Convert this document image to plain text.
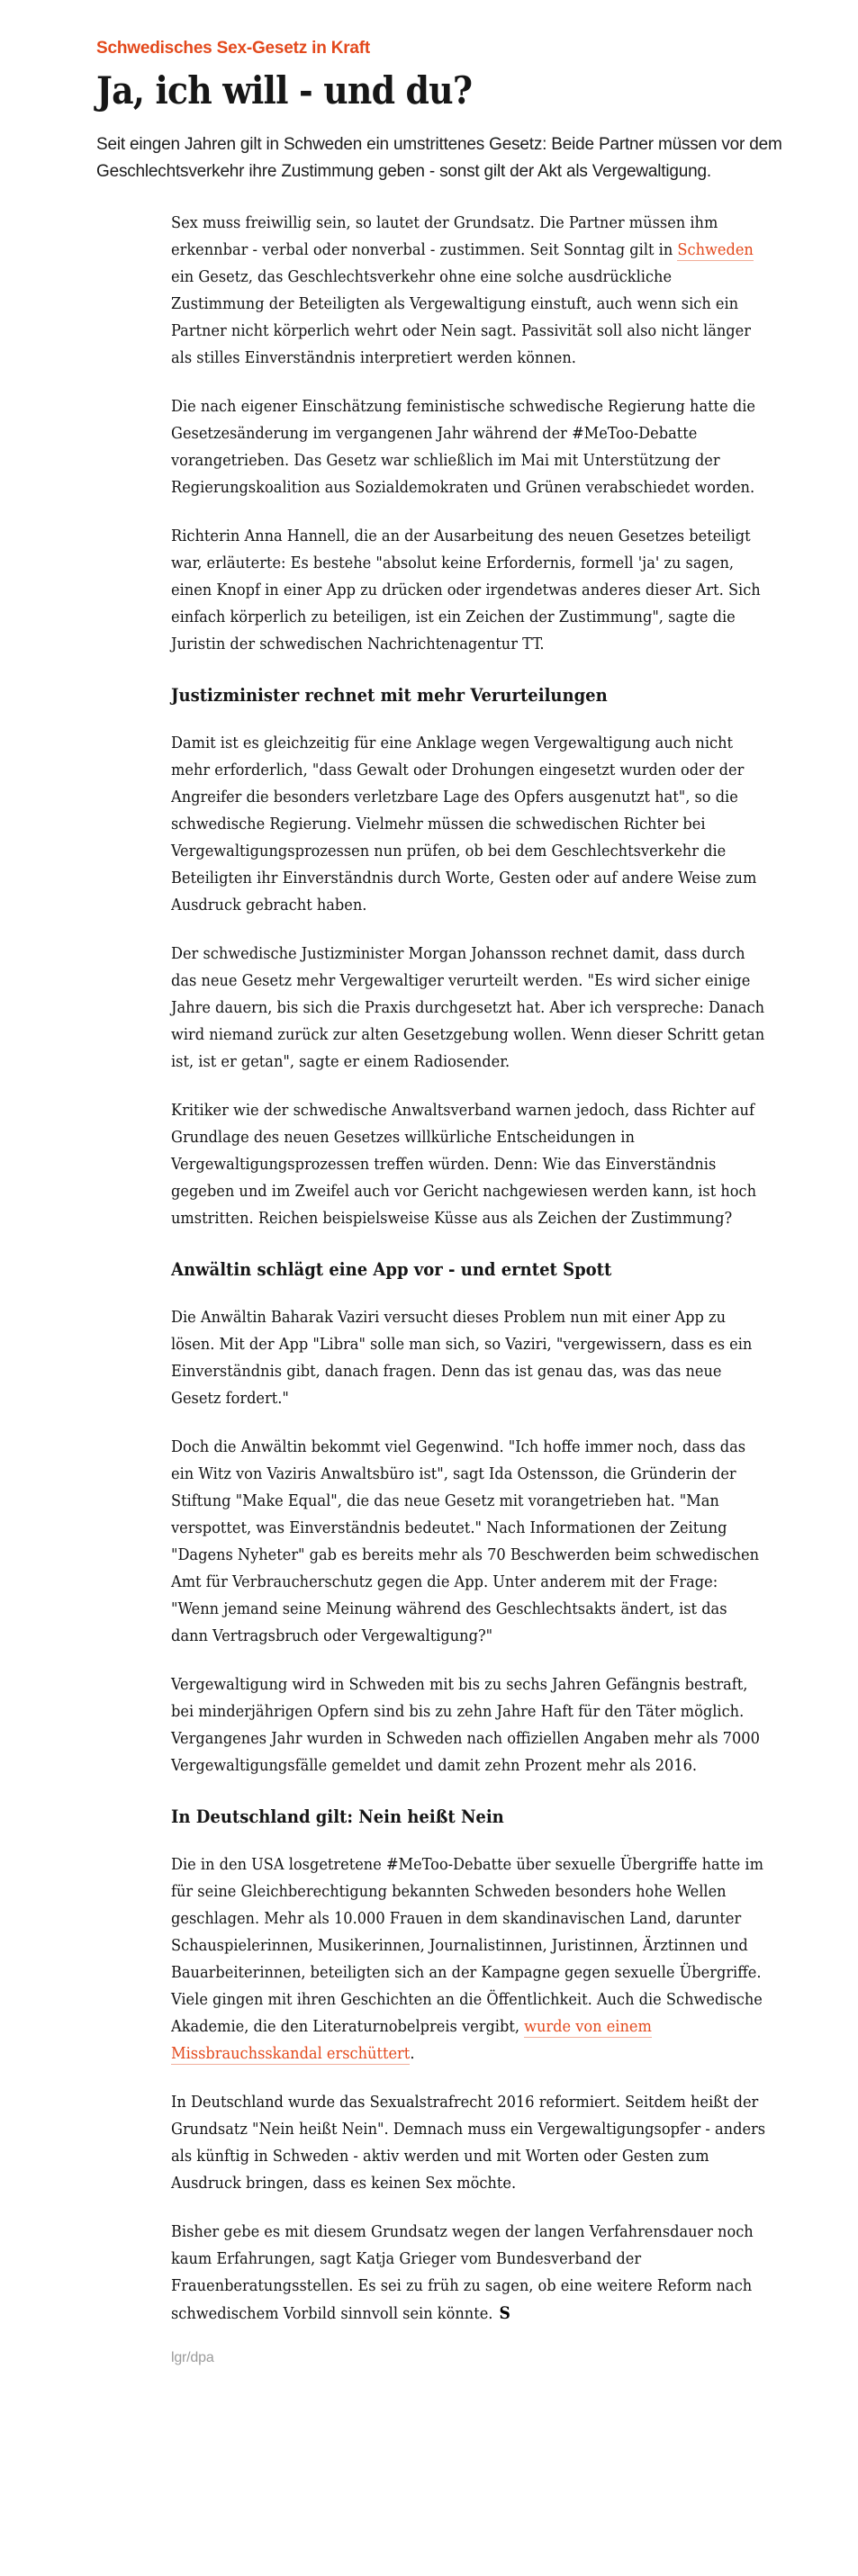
Schwedisches Sex-Gesetz in Kraft

Ja, ich will - und du?

Seit eingen Jahren gilt in Schweden ein umstrittenes Gesetz: Beide Partner müssen vor dem Geschlechtsverkehr ihre Zustimmung geben - sonst gilt der Akt als Vergewaltigung.

Sex muss freiwillig sein, so lautet der Grundsatz. Die Partner müssen ihm erkennbar - verbal oder nonverbal - zustimmen. Seit Sonntag gilt in Schweden ein Gesetz, das Geschlechtsverkehr ohne eine solche ausdrückliche Zustimmung der Beteiligten als Vergewaltigung einstuft, auch wenn sich ein Partner nicht körperlich wehrt oder Nein sagt. Passivität soll also nicht länger als stilles Einverständnis interpretiert werden können.

Die nach eigener Einschätzung feministische schwedische Regierung hatte die Gesetzesänderung im vergangenen Jahr während der #MeToo-Debatte vorangetrieben. Das Gesetz war schließlich im Mai mit Unterstützung der Regierungskoalition aus Sozialdemokraten und Grünen verabschiedet worden.

Richterin Anna Hannell, die an der Ausarbeitung des neuen Gesetzes beteiligt war, erläuterte: Es bestehe "absolut keine Erfordernis, formell 'ja' zu sagen, einen Knopf in einer App zu drücken oder irgendetwas anderes dieser Art. Sich einfach körperlich zu beteiligen, ist ein Zeichen der Zustimmung", sagte die Juristin der schwedischen Nachrichtenagentur TT.

Justizminister rechnet mit mehr Verurteilungen

Damit ist es gleichzeitig für eine Anklage wegen Vergewaltigung auch nicht mehr erforderlich, "dass Gewalt oder Drohungen eingesetzt wurden oder der Angreifer die besonders verletzbare Lage des Opfers ausgenutzt hat", so die schwedische Regierung. Vielmehr müssen die schwedischen Richter bei Vergewaltigungsprozessen nun prüfen, ob bei dem Geschlechtsverkehr die Beteiligten ihr Einverständnis durch Worte, Gesten oder auf andere Weise zum Ausdruck gebracht haben.

Der schwedische Justizminister Morgan Johansson rechnet damit, dass durch das neue Gesetz mehr Vergewaltiger verurteilt werden. "Es wird sicher einige Jahre dauern, bis sich die Praxis durchgesetzt hat. Aber ich verspreche: Danach wird niemand zurück zur alten Gesetzgebung wollen. Wenn dieser Schritt getan ist, ist er getan", sagte er einem Radiosender.

Kritiker wie der schwedische Anwaltsverband warnen jedoch, dass Richter auf Grundlage des neuen Gesetzes willkürliche Entscheidungen in Vergewaltigungsprozessen treffen würden. Denn: Wie das Einverständnis gegeben und im Zweifel auch vor Gericht nachgewiesen werden kann, ist hoch umstritten. Reichen beispielsweise Küsse aus als Zeichen der Zustimmung?

Anwältin schlägt eine App vor - und erntet Spott

Die Anwältin Baharak Vaziri versucht dieses Problem nun mit einer App zu lösen. Mit der App "Libra" solle man sich, so Vaziri, "vergewissern, dass es ein Einverständnis gibt, danach fragen. Denn das ist genau das, was das neue Gesetz fordert."

Doch die Anwältin bekommt viel Gegenwind. "Ich hoffe immer noch, dass das ein Witz von Vaziris Anwaltsbüro ist", sagt Ida Ostensson, die Gründerin der Stiftung "Make Equal", die das neue Gesetz mit vorangetrieben hat. "Man verspottet, was Einverständnis bedeutet." Nach Informationen der Zeitung "Dagens Nyheter" gab es bereits mehr als 70 Beschwerden beim schwedischen Amt für Verbraucherschutz gegen die App. Unter anderem mit der Frage: "Wenn jemand seine Meinung während des Geschlechtsakts ändert, ist das dann Vertragsbruch oder Vergewaltigung?"

Vergewaltigung wird in Schweden mit bis zu sechs Jahren Gefängnis bestraft, bei minderjährigen Opfern sind bis zu zehn Jahre Haft für den Täter möglich. Vergangenes Jahr wurden in Schweden nach offiziellen Angaben mehr als 7000 Vergewaltigungsfälle gemeldet und damit zehn Prozent mehr als 2016.

In Deutschland gilt: Nein heißt Nein

Die in den USA losgetretene #MeToo-Debatte über sexuelle Übergriffe hatte im für seine Gleichberechtigung bekannten Schweden besonders hohe Wellen geschlagen. Mehr als 10.000 Frauen in dem skandinavischen Land, darunter Schauspielerinnen, Musikerinnen, Journalistinnen, Juristinnen, Ärztinnen und Bauarbeiterinnen, beteiligten sich an der Kampagne gegen sexuelle Übergriffe. Viele gingen mit ihren Geschichten an die Öffentlichkeit. Auch die Schwedische Akademie, die den Literaturnobelpreis vergibt, wurde von einem Missbrauchsskandal erschüttert.

In Deutschland wurde das Sexualstrafrecht 2016 reformiert. Seitdem heißt der Grundsatz "Nein heißt Nein". Demnach muss ein Vergewaltigungsopfer - anders als künftig in Schweden - aktiv werden und mit Worten oder Gesten zum Ausdruck bringen, dass es keinen Sex möchte.

Bisher gebe es mit diesem Grundsatz wegen der langen Verfahrensdauer noch kaum Erfahrungen, sagt Katja Grieger vom Bundesverband der Frauenberatungsstellen. Es sei zu früh zu sagen, ob eine weitere Reform nach schwedischem Vorbild sinnvoll sein könnte. S

lgr/dpa
